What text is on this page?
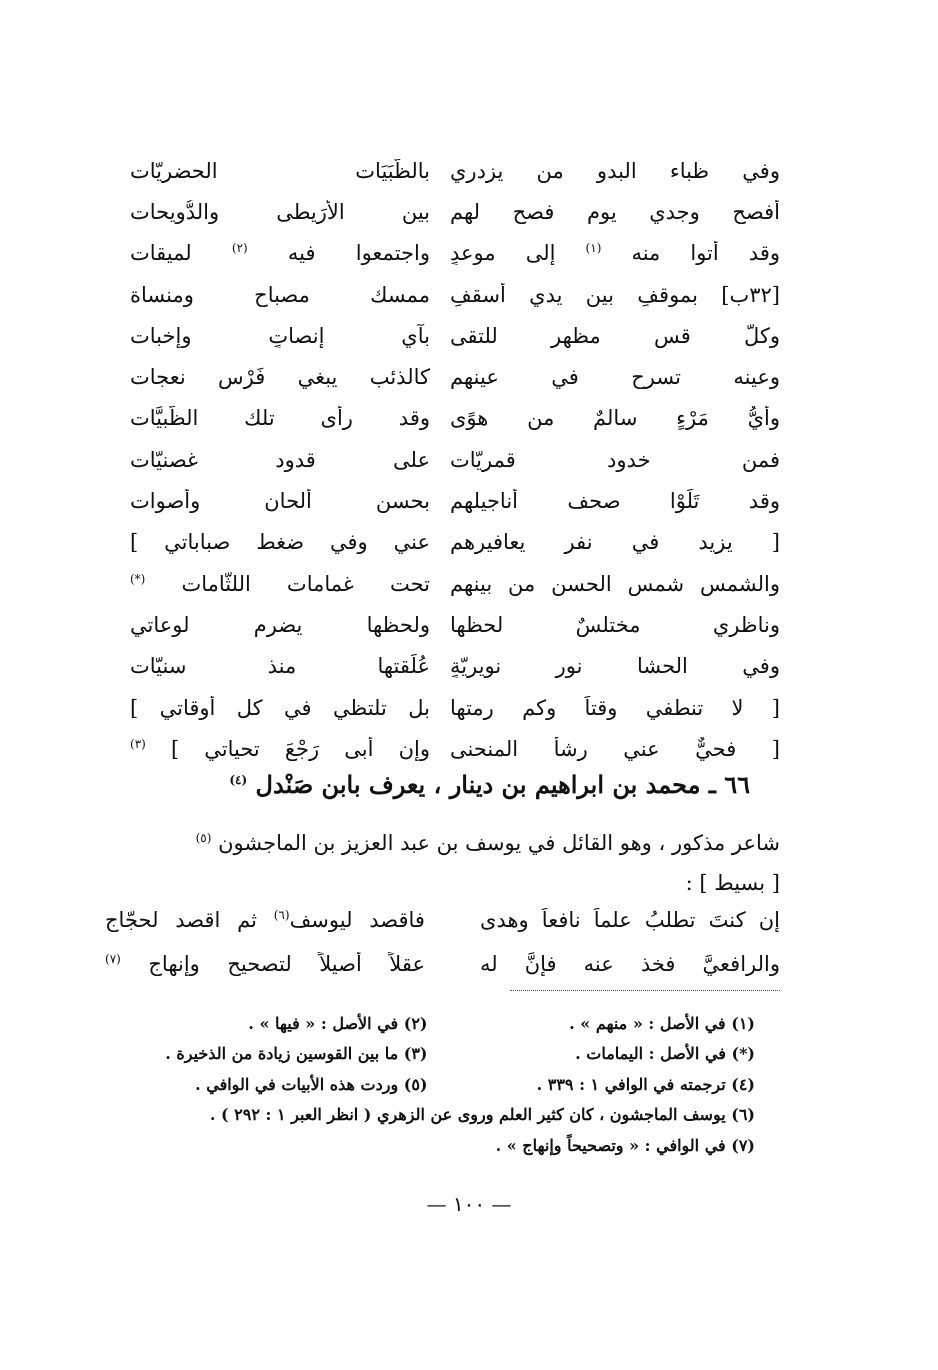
وفي ظباء البدو من يزدري
بالظَّبَيَات الحضريّات
أفصح وجدي يوم فصحٍ لهم
بين الأُرَيطى والدُّويحات
وقد أتوا منه $^{(١)}$ إلى موعدٍ
واجتمعوا فيه $^{(٢)}$ لميقات
[٣٢ب] بموقفٍ بين يدي أسقفٍ
ممسك مصباح ومنساة
وكلٌّ قس مظهر للتقى
بآي إنصاتٍ وإخبات
وعينه تسرح في عينهم
كالذئب يبغي فَرْس نعجات
وأيُّ مَرْءٍ سالمٌ من هوًى
وقد رأى تلك الظُّبيَّات
فمن خدود قمريّات
على قدود غصنيّات
وقد تَلَوْا صحف أناجيلهم
بحسن ألحان وأصوات
[ يزيد في نفر يعافيرهم
عني وفي ضغط صباباتي ]
والشمس شمس الحسن من بينهم
تحت غمامات اللثّامات (*)
وناظري مختلسٌ لحظها
ولحظها يضرم لوعاتي
وفي الحشا نور نويريّةٍ
عُلِّقتها منذ سنيّات
[ لا تنطفي وقتاً وكم رمتها
بل تلتظي في كل أوقاتي ]
[ فحيٌّ عني رشأ المنحنى
وإن أبى رَجْعَ تحياتي ] $^{(٣)}$
٦٦ ـ محمد بن ابراهيم بن دينار ، يعرف بابن صَنْدل $^{(٤)}$
شاعر مذكور ، وهو القائل في يوسف بن عبد العزيز بن الماجشون $^{(٥)}$
[ بسيط ] :
إن كنتَ تطلبُ علماً نافعاً وهدى
فاقصد ليوسف$^{(٦)}$ ثم اقصد لحجّاج
والرافعيَّ فخذ عنه فإنَّ له
عقلاً أصيلاً لتصحيح وإنهاج $^{(٧)}$
(١) في الأصل : « منهم » .
(٢) في الأصل : « فيها » .
(*) في الأصل : اليمامات .
(٣) ما بين القوسين زيادة من الذخيرة .
(٤) ترجمته في الوافي ١ : ٣٣٩ .
(٥) وردت هذه الأبيات في الوافي .
(٦) يوسف الماجشون ، كان كثير العلم وروى عن الزهري ( انظر العبر ١ : ٢٩٢ ) .
(٧) في الوافي : « وتصحيحاً وإنهاج » .
— ١٠٠ —
